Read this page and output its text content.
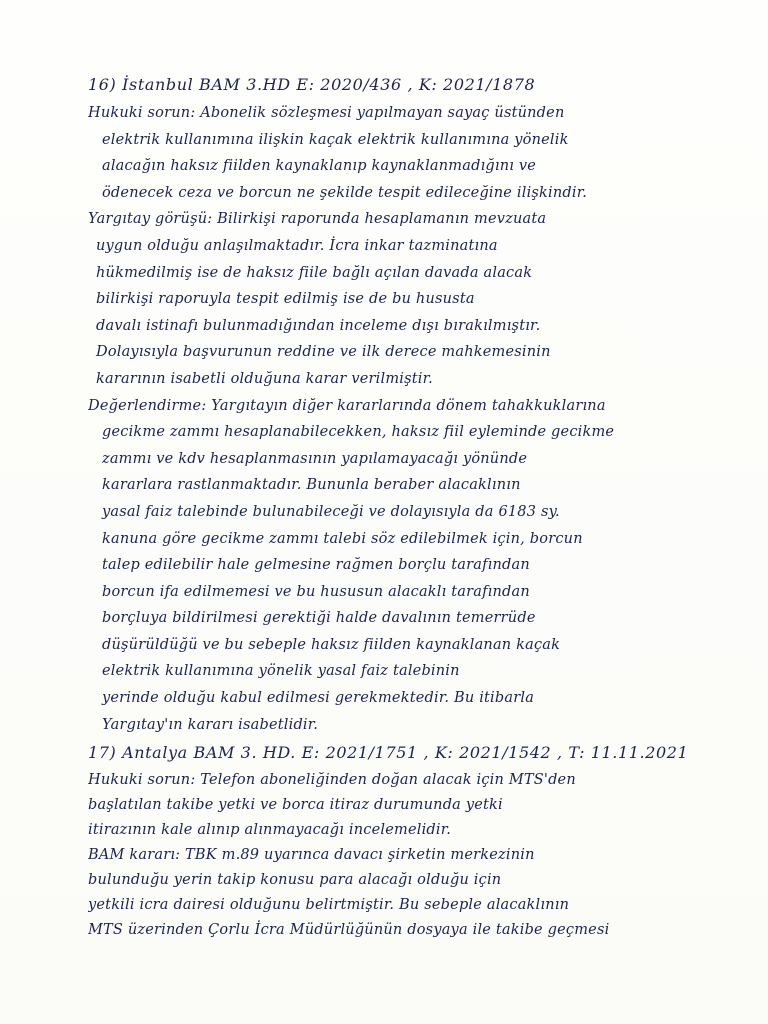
16) İstanbul BAM 3.HD E: 2020/436 , K: 2021/1878
Hukuki sorun: Abonelik sözleşmesi yapılmayan sayaç üstünden
elektrik kullanımına ilişkin kaçak elektrik kullanımına yönelik
alacağın haksız fiilden kaynaklanıp kaynaklanmadığını ve
ödenecek ceza ve borcun ne şekilde tespit edileceğine ilişkindir.
Yargıtay görüşü: Bilirkişi raporunda hesaplamanın mevzuata
uygun olduğu anlaşılmaktadır. İcra inkar tazminatına
hükmedilmiş ise de haksız fiile bağlı açılan davada alacak
bilirkişi raporuyla tespit edilmiş ise de bu hususta
davalı istinafı bulunmadığından inceleme dışı bırakılmıştır.
Dolayısıyla başvurunun reddine ve ilk derece mahkemesinin
kararının isabetli olduğuna karar verilmiştir.
Değerlendirme: Yargıtayın diğer kararlarında dönem tahakkuklarına
gecikme zammı hesaplanabilecekken, haksız fiil eyleminde gecikme
zammı ve kdv hesaplanmasının yapılamayacağı yönünde
kararlara rastlanmaktadır. Bununla beraber alacaklının
yasal faiz talebinde bulunabileceği ve dolayısıyla da 6183 sy.
kanuna göre gecikme zammı talebi söz edilebilmek için, borcun
talep edilebilir hale gelmesine rağmen borçlu tarafından
borcun ifa edilmemesi ve bu hususun alacaklı tarafından
borçluya bildirilmesi gerektiği halde davalının temerrüde
düşürüldüğü ve bu sebeple haksız fiilden kaynaklanan kaçak
elektrik kullanımına yönelik yasal faiz talebinin
yerinde olduğu kabul edilmesi gerekmektedir. Bu itibarla
Yargıtay'ın kararı isabetlidir.
17) Antalya BAM 3. HD. E: 2021/1751 , K: 2021/1542 , T: 11.11.2021
Hukuki sorun: Telefon aboneliğinden doğan alacak için MTS'den
başlatılan takibe yetki ve borca itiraz durumunda yetki
itirazının kale alınıp alınmayacağı incelemelidir.
BAM kararı: TBK m.89 uyarınca davacı şirketin merkezinin
bulunduğu yerin takip konusu para alacağı olduğu için
yetkili icra dairesi olduğunu belirtmiştir. Bu sebeple alacaklının
MTS üzerinden Çorlu İcra Müdürlüğünün dosyaya ile takibe geçmesi
